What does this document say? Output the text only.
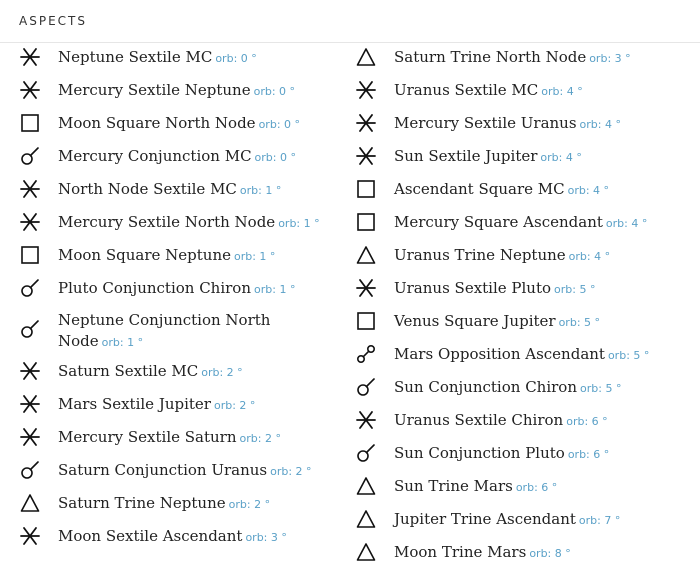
ASPECTS
Neptune Sextile MC orb: 0 °
Mercury Sextile Neptune orb: 0 °
Moon Square North Node orb: 0 °
Mercury Conjunction MC orb: 0 °
North Node Sextile MC orb: 1 °
Mercury Sextile North Node orb: 1 °
Moon Square Neptune orb: 1 °
Pluto Conjunction Chiron orb: 1 °
Neptune Conjunction North Node orb: 1 °
Saturn Sextile MC orb: 2 °
Mars Sextile Jupiter orb: 2 °
Mercury Sextile Saturn orb: 2 °
Saturn Conjunction Uranus orb: 2 °
Saturn Trine Neptune orb: 2 °
Moon Sextile Ascendant orb: 3 °
Saturn Trine North Node orb: 3 °
Uranus Sextile MC orb: 4 °
Mercury Sextile Uranus orb: 4 °
Sun Sextile Jupiter orb: 4 °
Ascendant Square MC orb: 4 °
Mercury Square Ascendant orb: 4 °
Uranus Trine Neptune orb: 4 °
Uranus Sextile Pluto orb: 5 °
Venus Square Jupiter orb: 5 °
Mars Opposition Ascendant orb: 5 °
Sun Conjunction Chiron orb: 5 °
Uranus Sextile Chiron orb: 6 °
Sun Conjunction Pluto orb: 6 °
Sun Trine Mars orb: 6 °
Jupiter Trine Ascendant orb: 7 °
Moon Trine Mars orb: 8 °
